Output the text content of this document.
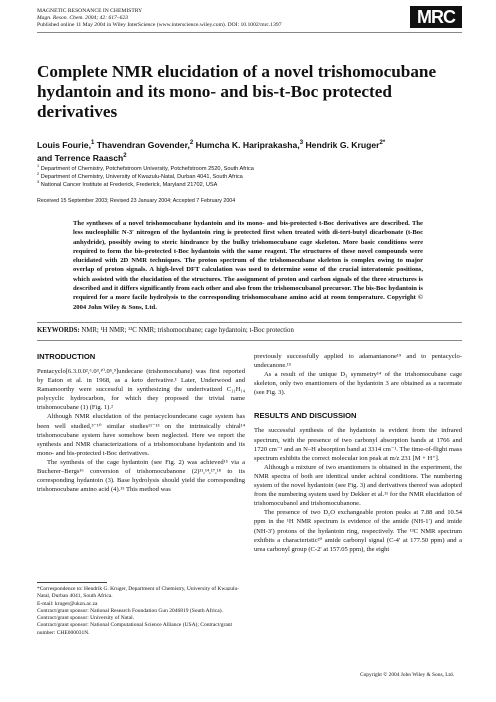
MAGNETIC RESONANCE IN CHEMISTRY
Magn. Reson. Chem. 2004; 42: 617–623
Published online 11 May 2004 in Wiley InterScience (www.interscience.wiley.com). DOI: 10.1002/mrc.1397	MRC
Complete NMR elucidation of a novel trishomocubane hydantoin and its mono- and bis-t-Boc protected derivatives
Louis Fourie,$^1$ Thavendran Govender,$^2$ Humcha K. Hariprakasha,$^3$ Hendrik G. Kruger$^{2*}$
and Terrence Raasch$^2$
$^1$ Department of Chemistry, Potchefstroom University, Potchefstroom 2520, South Africa
$^2$ Department of Chemistry, University of Kwazulu-Natal, Durban 4041, South Africa
$^3$ National Cancer Institute at Frederick, Frederick, Maryland 21702, USA
Received 15 September 2003; Revised 23 January 2004; Accepted 7 February 2004

The syntheses of a novel trishomocubane hydantoin and its mono- and bis-protected t-Boc derivatives are described. The less nucleophilic N-3′ nitrogen of the hydantoin ring is protected first when treated with di-tert-butyl dicarbonate (t-Boc anhydride), possibly owing to steric hindrance by the bulky trishomocubane cage skeleton. More basic conditions were required to form the bis-protected t-Boc hydantoin with the same reagent. The structures of these novel compounds were elucidated with 2D NMR techniques. The proton spectrum of the trishomocubane skeleton is complex owing to major overlap of proton signals. A high-level DFT calculation was used to determine some of the crucial interatomic positions, which assisted with the elucidation of the structures. The assignment of proton and carbon signals of the three structures is described and it differs significantly from each other and also from the trishomocubanol precursor. The bis-Boc hydantoin is required for a more facile hydrolysis to the corresponding trishomocubane amino acid at room temperature. Copyright © 2004 John Wiley & Sons, Ltd.

KEYWORDS: NMR; ¹H NMR; ¹³C NMR; trishomocubane; cage hydantoin; t-Boc protection

INTRODUCTION

Pentacyclo[6.3.0.0²,⁶.0³,¹⁰.0⁵,⁹]undecane (trishomocubane) was first reported by Eaton et al. in 1968, as a keto derivative.¹ Later, Underwood and Ramamoorthy were successful in synthesizing the underivatized C₁₁H₁₄ polycyclic hydrocarbon, for which they proposed the trivial name trishomocubane (1) (Fig. 1).²

Although NMR elucidation of the pentacycloundecane cage system has been well studied,³⁻¹⁰ similar studies¹¹⁻¹³ on the intrinsically chiral¹⁴ trishomocubane system have somehow been neglected. Here we report the synthesis and NMR characterizations of a trishomocubane hydantoin and its mono- and bis-protected t-Boc derivatives.

The synthesis of the cage hydantoin (see Fig. 2) was achieved¹⁵ via a Bucherer–Bergs¹⁶ conversion of trishomocubanone (2)¹¹,¹⁴,¹⁷,¹⁸ to its corresponding hydantoin (3). Base hydrolysis should yield the corresponding trishomocubane amino acid (4).¹⁵ This method was

*Correspondence to: Hendrik G. Kruger, Department of Chemistry, University of Kwazulu-Natal, Durban 4041, South Africa.
E-mail: kruger@ukzn.ac.za
Contract/grant sponsor: National Research Foundation Gun 2046819 (South Africa).
Contract/grant sponsor: University of Natal.
Contract/grant sponsor: National Computational Science Alliance (USA); Contract/grant number: CHE000031N.

previously successfully applied to adamantanone¹⁹ and to pentacyclo-undecanone.¹⁵

As a result of the unique D₃ symmetry¹⁴ of the trishomocubane cage skeleton, only two enantiomers of the hydantoin 3 are obtained as a racemate (see Fig. 3).

RESULTS AND DISCUSSION

The successful synthesis of the hydantoin is evident from the infrared spectrum, with the presence of two carbonyl absorption bands at 1766 and 1720 cm⁻¹ and an N–H absorption band at 3314 cm⁻¹. The time-of-flight mass spectrum exhibits the correct molecular ion peak at m/z 231 [M + H⁺].

Although a mixture of two enantiomers is obtained in the experiment, the NMR spectra of both are identical under achiral conditions. The numbering system of the novel hydantoin (see Fig. 3) and derivatives thereof was adopted from the numbering system used by Dekker et al.¹¹ for the NMR elucidation of trishomocubanol and trishomocubanone.

The presence of two D₂O exchangeable proton peaks at 7.88 and 10.54 ppm in the ¹H NMR spectrum is evidence of the amide (NH-1′) and imide (NH-3′) protons of the hydantoin ring, respectively. The ¹³C NMR spectrum exhibits a characteristic²⁰ amide carbonyl signal (C-4′ at 177.50 ppm) and a urea carbonyl group (C-2′ at 157.05 ppm), the eight

Copyright © 2004 John Wiley & Sons, Ltd.
